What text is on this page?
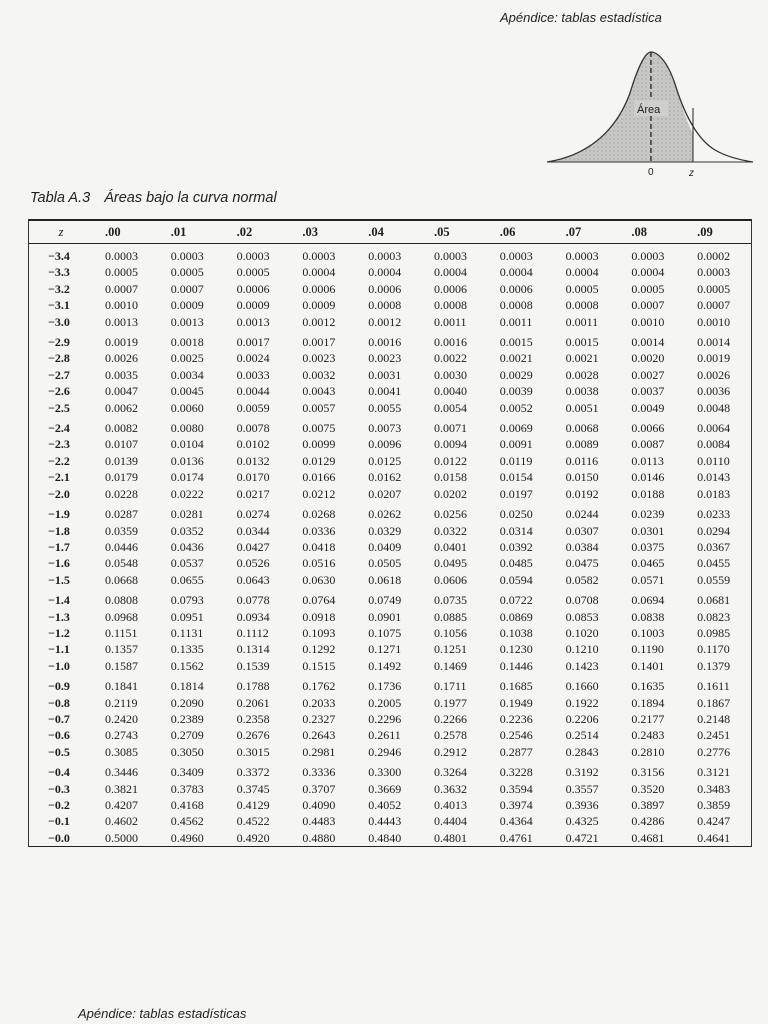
Apéndice: tablas estadística
Área
0	z
Tabla A.3 Áreas bajo la curva normal
z	.00	.01	.02	.03	.04	.05	.06	.07	.08	.09
−3.4	0.0003	0.0003	0.0003	0.0003	0.0003	0.0003	0.0003	0.0003	0.0003	0.0002
−3.3	0.0005	0.0005	0.0005	0.0004	0.0004	0.0004	0.0004	0.0004	0.0004	0.0003
−3.2	0.0007	0.0007	0.0006	0.0006	0.0006	0.0006	0.0006	0.0005	0.0005	0.0005
−3.1	0.0010	0.0009	0.0009	0.0009	0.0008	0.0008	0.0008	0.0008	0.0007	0.0007
−3.0	0.0013	0.0013	0.0013	0.0012	0.0012	0.0011	0.0011	0.0011	0.0010	0.0010
−2.9	0.0019	0.0018	0.0017	0.0017	0.0016	0.0016	0.0015	0.0015	0.0014	0.0014
−2.8	0.0026	0.0025	0.0024	0.0023	0.0023	0.0022	0.0021	0.0021	0.0020	0.0019
−2.7	0.0035	0.0034	0.0033	0.0032	0.0031	0.0030	0.0029	0.0028	0.0027	0.0026
−2.6	0.0047	0.0045	0.0044	0.0043	0.0041	0.0040	0.0039	0.0038	0.0037	0.0036
−2.5	0.0062	0.0060	0.0059	0.0057	0.0055	0.0054	0.0052	0.0051	0.0049	0.0048
−2.4	0.0082	0.0080	0.0078	0.0075	0.0073	0.0071	0.0069	0.0068	0.0066	0.0064
−2.3	0.0107	0.0104	0.0102	0.0099	0.0096	0.0094	0.0091	0.0089	0.0087	0.0084
−2.2	0.0139	0.0136	0.0132	0.0129	0.0125	0.0122	0.0119	0.0116	0.0113	0.0110
−2.1	0.0179	0.0174	0.0170	0.0166	0.0162	0.0158	0.0154	0.0150	0.0146	0.0143
−2.0	0.0228	0.0222	0.0217	0.0212	0.0207	0.0202	0.0197	0.0192	0.0188	0.0183
−1.9	0.0287	0.0281	0.0274	0.0268	0.0262	0.0256	0.0250	0.0244	0.0239	0.0233
−1.8	0.0359	0.0352	0.0344	0.0336	0.0329	0.0322	0.0314	0.0307	0.0301	0.0294
−1.7	0.0446	0.0436	0.0427	0.0418	0.0409	0.0401	0.0392	0.0384	0.0375	0.0367
−1.6	0.0548	0.0537	0.0526	0.0516	0.0505	0.0495	0.0485	0.0475	0.0465	0.0455
−1.5	0.0668	0.0655	0.0643	0.0630	0.0618	0.0606	0.0594	0.0582	0.0571	0.0559
−1.4	0.0808	0.0793	0.0778	0.0764	0.0749	0.0735	0.0722	0.0708	0.0694	0.0681
−1.3	0.0968	0.0951	0.0934	0.0918	0.0901	0.0885	0.0869	0.0853	0.0838	0.0823
−1.2	0.1151	0.1131	0.1112	0.1093	0.1075	0.1056	0.1038	0.1020	0.1003	0.0985
−1.1	0.1357	0.1335	0.1314	0.1292	0.1271	0.1251	0.1230	0.1210	0.1190	0.1170
−1.0	0.1587	0.1562	0.1539	0.1515	0.1492	0.1469	0.1446	0.1423	0.1401	0.1379
−0.9	0.1841	0.1814	0.1788	0.1762	0.1736	0.1711	0.1685	0.1660	0.1635	0.1611
−0.8	0.2119	0.2090	0.2061	0.2033	0.2005	0.1977	0.1949	0.1922	0.1894	0.1867
−0.7	0.2420	0.2389	0.2358	0.2327	0.2296	0.2266	0.2236	0.2206	0.2177	0.2148
−0.6	0.2743	0.2709	0.2676	0.2643	0.2611	0.2578	0.2546	0.2514	0.2483	0.2451
−0.5	0.3085	0.3050	0.3015	0.2981	0.2946	0.2912	0.2877	0.2843	0.2810	0.2776
−0.4	0.3446	0.3409	0.3372	0.3336	0.3300	0.3264	0.3228	0.3192	0.3156	0.3121
−0.3	0.3821	0.3783	0.3745	0.3707	0.3669	0.3632	0.3594	0.3557	0.3520	0.3483
−0.2	0.4207	0.4168	0.4129	0.4090	0.4052	0.4013	0.3974	0.3936	0.3897	0.3859
−0.1	0.4602	0.4562	0.4522	0.4483	0.4443	0.4404	0.4364	0.4325	0.4286	0.4247
−0.0	0.5000	0.4960	0.4920	0.4880	0.4840	0.4801	0.4761	0.4721	0.4681	0.4641
Apéndice: tablas estadísticas
